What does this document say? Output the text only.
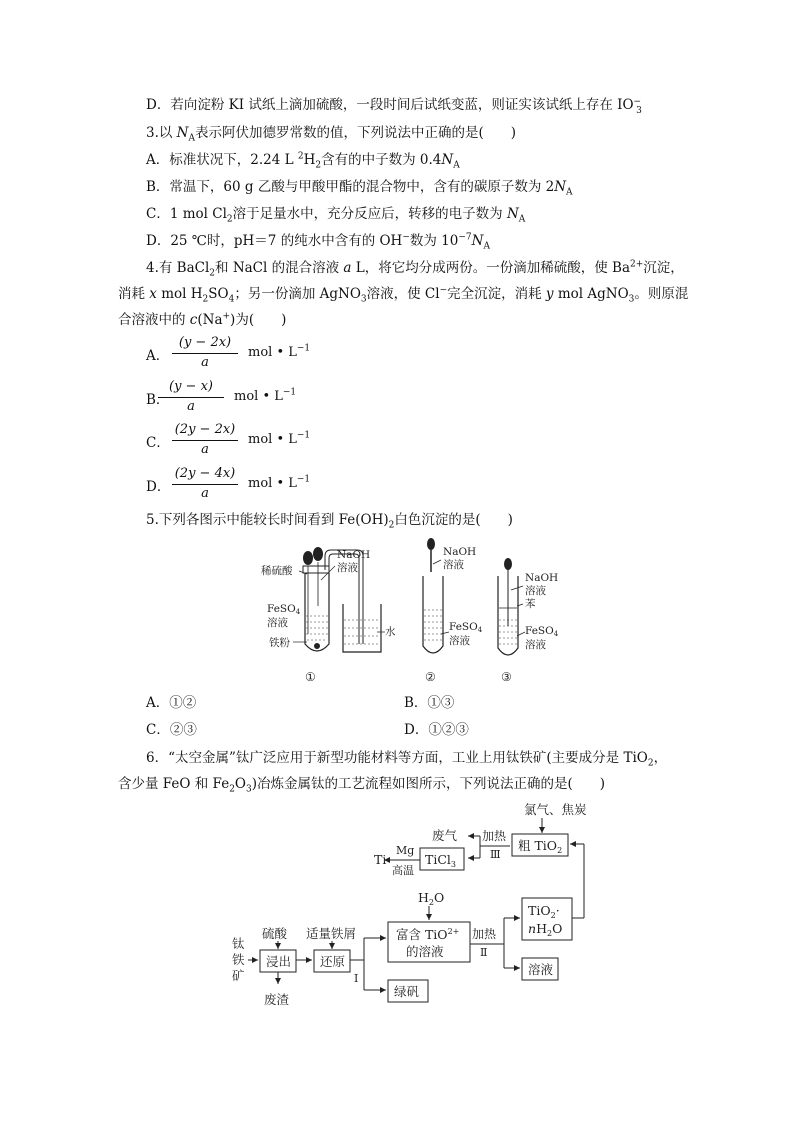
D．若向淀粉 KI 试纸上滴加硫酸，一段时间后试纸变蓝，则证实该试纸上存在 $IO^-_3$
3.以 $N_A$表示阿伏加德罗常数的值，下列说法中正确的是(　　)
A．标准状况下，2.24 L $^2H_2$含有的中子数为 $0.4N_A$
B．常温下，60 g 乙酸与甲酸甲酯的混合物中，含有的碳原子数为 $2N_A$
C．1 mol $Cl_2$溶于足量水中，充分反应后，转移的电子数为 $N_A$
D．25 ℃时，pH＝7 的纯水中含有的 OH−数为 $10^{-7}N_A$
4.有 BaCl$_2$和 NaCl 的混合溶液 a L，将它均分成两份。一份滴加稀硫酸，使 $Ba^{2+}$沉淀，
消耗 x mol $H_2SO_4$；另一份滴加 AgNO$_3$溶液，使 Cl−完全沉淀，消耗 y mol AgNO$_3$。则原混
合溶液中的 c(Na+)为(　　)
A．
(y − 2x)
a
mol • $L^{-1}$
B．
(y − x)
a
mol • $L^{-1}$
C．
(2y − 2x)
a
mol • $L^{-1}$
D．
(2y − 4x)
a
mol • $L^{-1}$
5.下列各图示中能较长时间看到 $Fe(OH)_2$白色沉淀的是(　　)
稀硫酸
NaOH
溶液
FeSO4
溶液
铁粉
水
NaOH
溶液
FeSO4
溶液
NaOH
溶液
苯
FeSO4
溶液
①	②	③
A．①②	B．①③
C．②③	D．①②③
6．“太空金属”钛广泛应用于新型功能材料等方面，工业上用钛铁矿(主要成分是 TiO$_2$，
含少量 FeO 和 $Fe_2O_3$)冶炼金属钛的工艺流程如图所示，下列说法正确的是(　　)
氯气、焦炭
粗 TiO$_2$
加热
Ⅲ
废气
TiCl$_3$
Mg
高温
Ti
钛
铁
矿
浸出
硫酸
废渣
还原
适量铁屑
Ⅰ
富含 TiO$^{2+}$
的溶液
$H_2O$
绿矾
加热
Ⅱ
TiO$_2$·
$nH_2O$
溶液
